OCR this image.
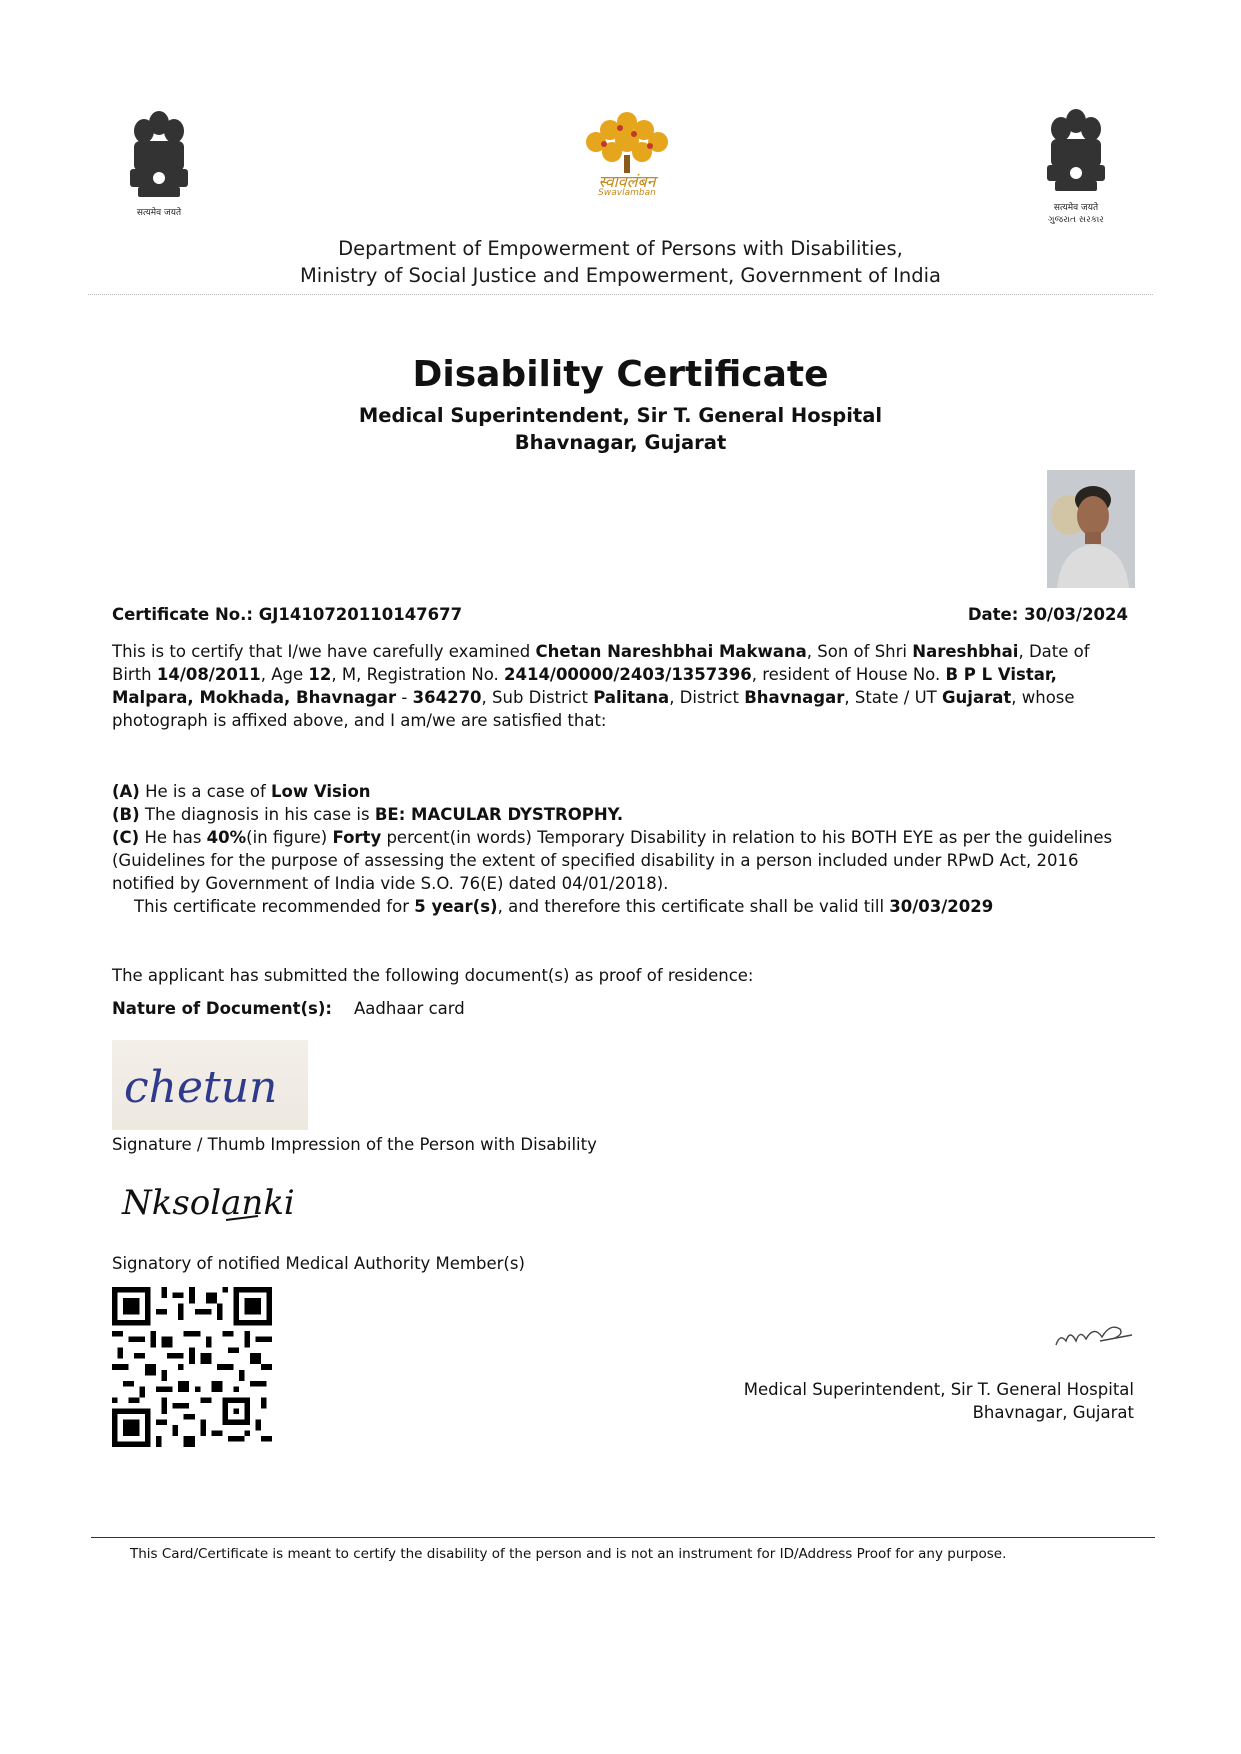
सत्यमेव जयते
स्वावलंबन
Swavlamban
सत्यमेव जयते
ગુજરાત સરકાર
Department of Empowerment of Persons with Disabilities,
Ministry of Social Justice and Empowerment, Government of India
Disability Certificate
Medical Superintendent, Sir T. General Hospital
Bhavnagar, Gujarat
Certificate No.: GJ1410720110147677	Date: 30/03/2024
This is to certify that I/we have carefully examined Chetan Nareshbhai Makwana, Son of Shri Nareshbhai, Date of Birth 14/08/2011, Age 12, M, Registration No. 2414/00000/2403/1357396, resident of House No. B P L Vistar, Malpara, Mokhada, Bhavnagar - 364270, Sub District Palitana, District Bhavnagar, State / UT Gujarat, whose photograph is affixed above, and I am/we are satisfied that:
(A) He is a case of Low Vision
(B) The diagnosis in his case is BE: MACULAR DYSTROPHY.
(C) He has 40%(in figure) Forty percent(in words) Temporary Disability in relation to his BOTH EYE as per the guidelines (Guidelines for the purpose of assessing the extent of specified disability in a person included under RPwD Act, 2016 notified by Government of India vide S.O. 76(E) dated 04/01/2018).
This certificate recommended for 5 year(s), and therefore this certificate shall be valid till 30/03/2029
The applicant has submitted the following document(s) as proof of residence:
Nature of Document(s): Aadhaar card
chetun
Signature / Thumb Impression of the Person with Disability
Nksolanki
Signatory of notified Medical Authority Member(s)
Medical Superintendent, Sir T. General Hospital
Bhavnagar, Gujarat
This Card/Certificate is meant to certify the disability of the person and is not an instrument for ID/Address Proof for any purpose.
